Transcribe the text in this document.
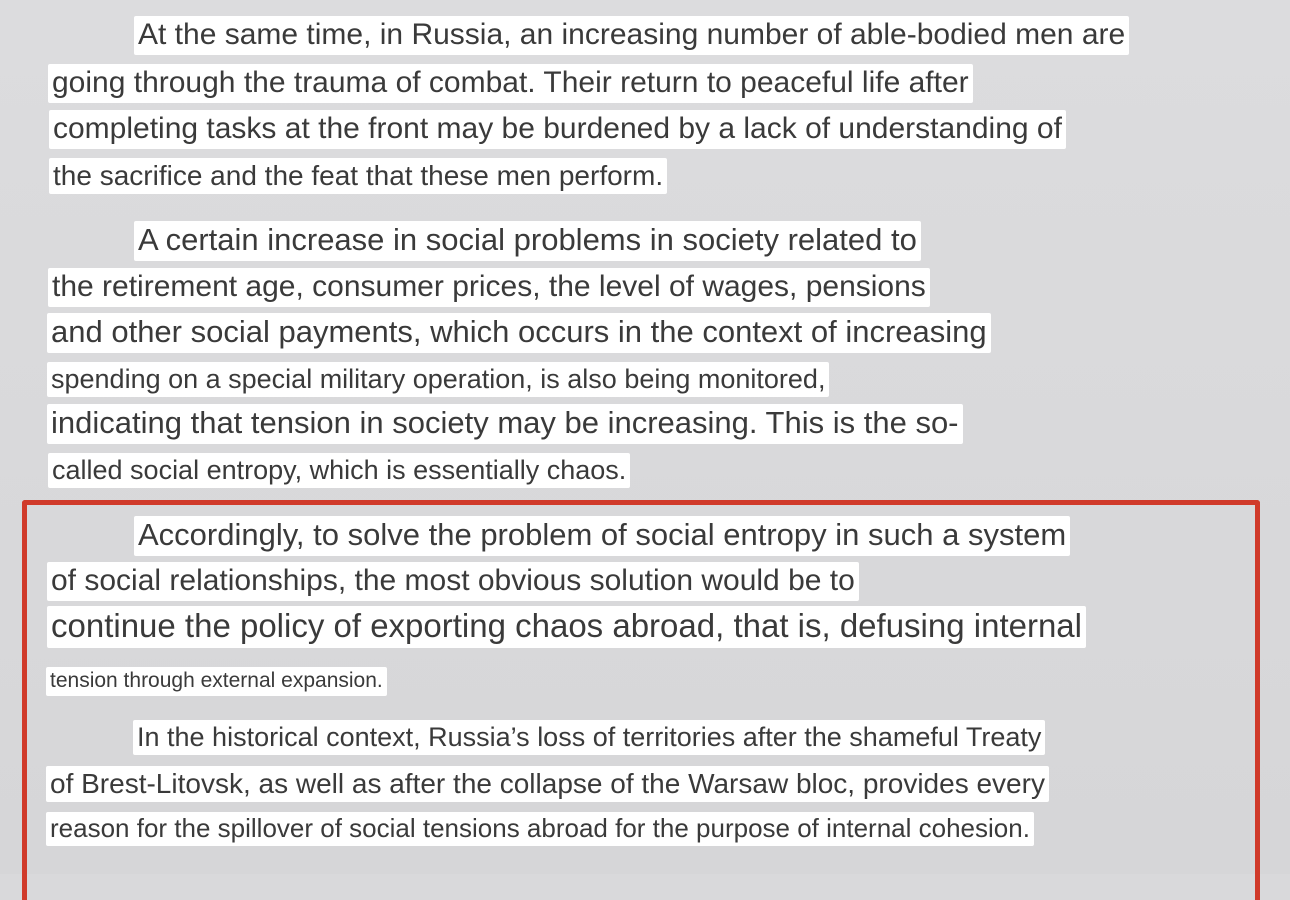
At the same time, in Russia, an increasing number of able-bodied men are
going through the trauma of combat. Their return to peaceful life after
completing tasks at the front may be burdened by a lack of understanding of
the sacrifice and the feat that these men perform.
A certain increase in social problems in society related to
the retirement age, consumer prices, the level of wages, pensions
and other social payments, which occurs in the context of increasing
spending on a special military operation, is also being monitored,
indicating that tension in society may be increasing. This is the so-
called social entropy, which is essentially chaos.
Accordingly, to solve the problem of social entropy in such a system
of social relationships, the most obvious solution would be to
continue the policy of exporting chaos abroad, that is, defusing internal
tension through external expansion.
In the historical context, Russia’s loss of territories after the shameful Treaty
of Brest-Litovsk, as well as after the collapse of the Warsaw bloc, provides every
reason for the spillover of social tensions abroad for the purpose of internal cohesion.
